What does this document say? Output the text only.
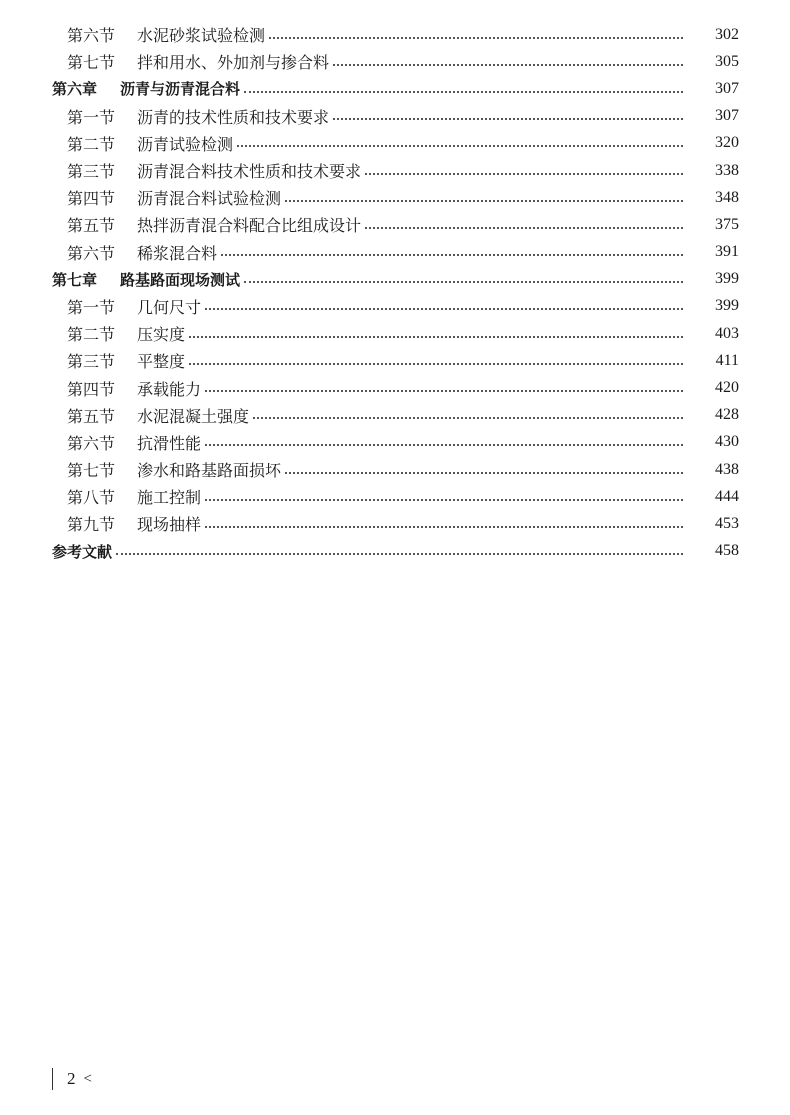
第六节	水泥砂浆试验检测	302
第七节	拌和用水、外加剂与掺合料	305
第六章	沥青与沥青混合料	307
第一节	沥青的技术性质和技术要求	307
第二节	沥青试验检测	320
第三节	沥青混合料技术性质和技术要求	338
第四节	沥青混合料试验检测	348
第五节	热拌沥青混合料配合比组成设计	375
第六节	稀浆混合料	391
第七章	路基路面现场测试	399
第一节	几何尺寸	399
第二节	压实度	403
第三节	平整度	411
第四节	承载能力	420
第五节	水泥混凝土强度	428
第六节	抗滑性能	430
第七节	渗水和路基路面损坏	438
第八节	施工控制	444
第九节	现场抽样	453
参考文献	458
2 <
